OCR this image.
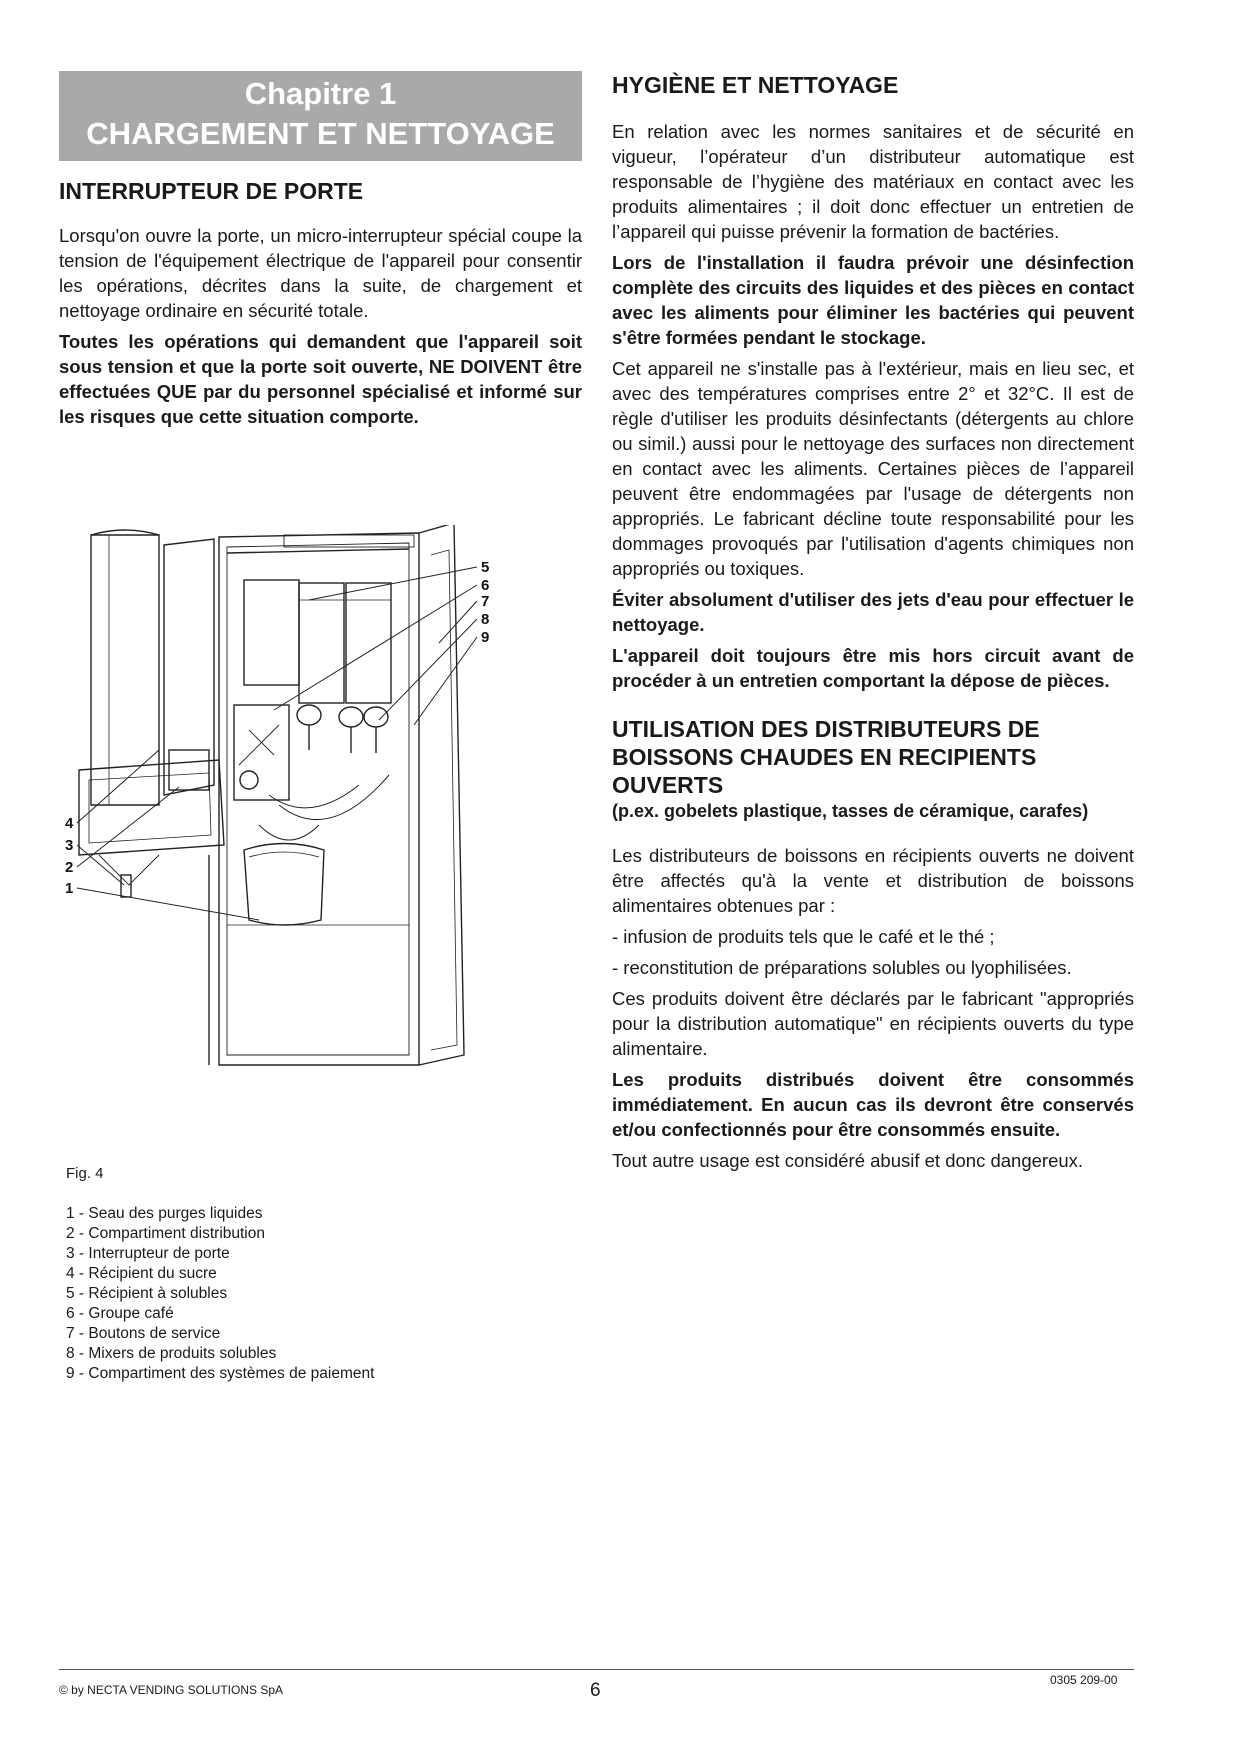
Chapitre 1
CHARGEMENT ET NETTOYAGE
INTERRUPTEUR DE PORTE

Lorsqu'on ouvre la porte, un micro-interrupteur spécial coupe la tension de l'équipement électrique de l'appareil pour consentir les opérations, décrites dans la suite, de chargement et nettoyage ordinaire en sécurité totale.

Toutes les opérations qui demandent que l'appareil soit sous tension et que la porte soit ouverte, NE DOIVENT être effectuées QUE par du personnel spécialisé et informé sur les risques que cette situation comporte.

5
6
7
8
9
4
3
2
1
Fig. 4
1 - Seau des purges liquides
2 - Compartiment distribution
3 - Interrupteur de porte
4 - Récipient du sucre
5 - Récipient à solubles
6 - Groupe café
7 - Boutons de service
8 - Mixers de produits solubles
9 - Compartiment des systèmes de paiement
HYGIÈNE ET NETTOYAGE

En relation avec les normes sanitaires et de sécurité en vigueur, l’opérateur d’un distributeur automatique est responsable de l’hygiène des matériaux en contact avec les produits alimentaires ; il doit donc effectuer un entretien de l’appareil qui puisse prévenir la formation de bactéries.

Lors de l'installation il faudra prévoir une désinfection complète des circuits des liquides et des pièces en contact avec les aliments pour éliminer les bactéries qui peuvent s'être formées pendant le stockage.

Cet appareil ne s'installe pas à l'extérieur, mais en lieu sec, et avec des températures comprises entre 2° et 32°C. Il est de règle d'utiliser les produits désinfectants (détergents au chlore ou simil.) aussi pour le nettoyage des surfaces non directement en contact avec les aliments. Certaines pièces de l’appareil peuvent être endommagées par l'usage de détergents non appropriés. Le fabricant décline toute responsabilité pour les dommages provoqués par l'utilisation d'agents chimiques non appropriés ou toxiques.

Éviter absolument d'utiliser des jets d'eau pour effectuer le nettoyage.

L'appareil doit toujours être mis hors circuit avant de procéder à un entretien comportant la dépose de pièces.

UTILISATION DES DISTRIBUTEURS DE BOISSONS CHAUDES EN RECIPIENTS OUVERTS
(p.ex. gobelets plastique, tasses de céramique, carafes)

Les distributeurs de boissons en récipients ouverts ne doivent être affectés qu'à la vente et distribution de boissons alimentaires obtenues par :

- infusion de produits tels que le café et le thé ;

- reconstitution de préparations solubles ou lyophilisées.

Ces produits doivent être déclarés par le fabricant "appropriés pour la distribution automatique" en récipients ouverts du type alimentaire.

Les produits distribués doivent être consommés immédiatement. En aucun cas ils devront être conservés et/ou confectionnés pour être consommés ensuite.

Tout autre usage est considéré abusif et donc dangereux.

© by NECTA VENDING SOLUTIONS SpA	6	0305 209-00
